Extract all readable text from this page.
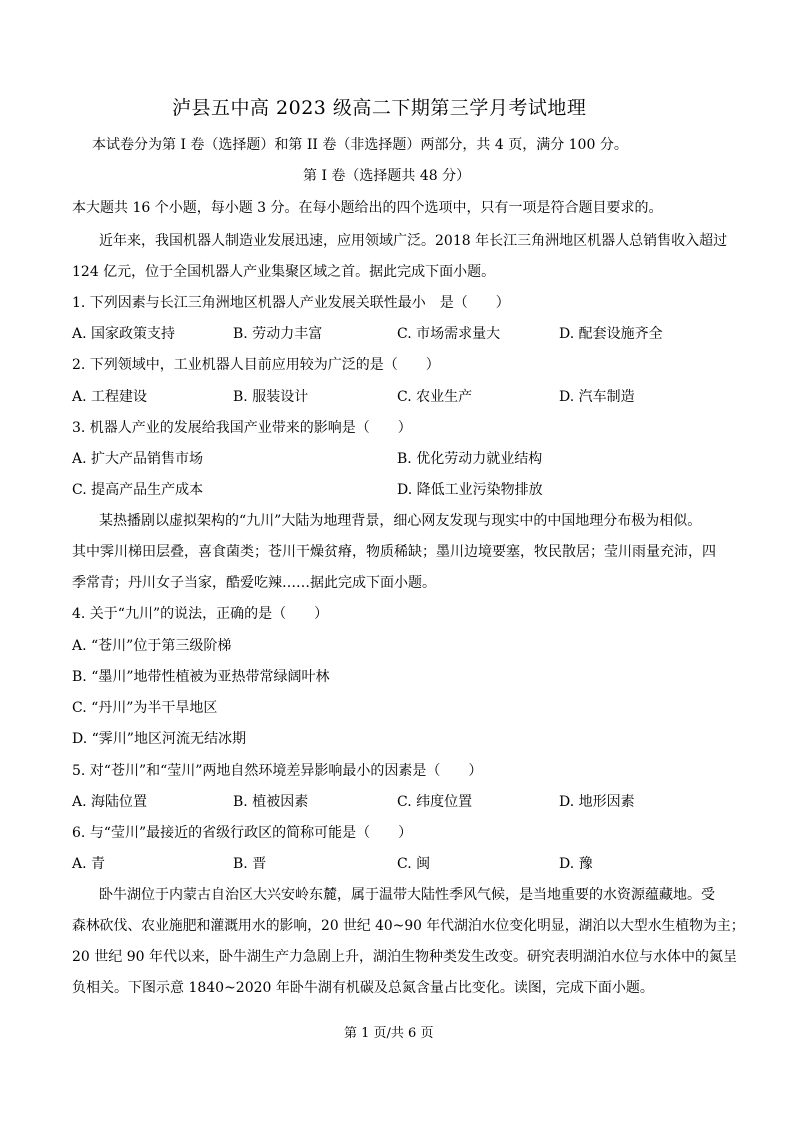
泸县五中高 2023 级高二下期第三学月考试地理
本试卷分为第 I 卷（选择题）和第 II 卷（非选择题）两部分，共 4 页，满分 100 分。
第 I 卷（选择题共 48 分）
本大题共 16 个小题，每小题 3 分。在每小题给出的四个选项中，只有一项是符合题目要求的。
近年来，我国机器人制造业发展迅速，应用领域广泛。2018 年长江三角洲地区机器人总销售收入超过
124 亿元，位于全国机器人产业集聚区域之首。据此完成下面小题。
1. 下列因素与长江三角洲地区机器人产业发展关联性最小　是（　　）
A. 国家政策支持	B. 劳动力丰富	C. 市场需求量大	D. 配套设施齐全
2. 下列领域中，工业机器人目前应用较为广泛的是（　　）
A. 工程建设	B. 服装设计	C. 农业生产	D. 汽车制造
3. 机器人产业的发展给我国产业带来的影响是（　　）
A. 扩大产品销售市场	B. 优化劳动力就业结构
C. 提高产品生产成本	D. 降低工业污染物排放
某热播剧以虚拟架构的“九川”大陆为地理背景，细心网友发现与现实中的中国地理分布极为相似。
其中霁川梯田层叠，喜食菌类；苍川干燥贫瘠，物质稀缺；墨川边境要塞，牧民散居；莹川雨量充沛，四
季常青；丹川女子当家，酷爱吃辣……据此完成下面小题。
4. 关于“九川”的说法，正确的是（　　）
A. “苍川”位于第三级阶梯
B. “墨川”地带性植被为亚热带常绿阔叶林
C. “丹川”为半干旱地区
D. “霁川”地区河流无结冰期
5. 对“苍川”和“莹川”两地自然环境差异影响最小的因素是（　　）
A. 海陆位置	B. 植被因素	C. 纬度位置	D. 地形因素
6. 与“莹川”最接近的省级行政区的简称可能是（　　）
A. 青	B. 晋	C. 闽	D. 豫
卧牛湖位于内蒙古自治区大兴安岭东麓，属于温带大陆性季风气候，是当地重要的水资源蕴藏地。受
森林砍伐、农业施肥和灌溉用水的影响，20 世纪 40~90 年代湖泊水位变化明显，湖泊以大型水生植物为主；
20 世纪 90 年代以来，卧牛湖生产力急剧上升，湖泊生物种类发生改变。研究表明湖泊水位与水体中的氮呈
负相关。下图示意 1840~2020 年卧牛湖有机碳及总氮含量占比变化。读图，完成下面小题。
第 1 页/共 6 页
